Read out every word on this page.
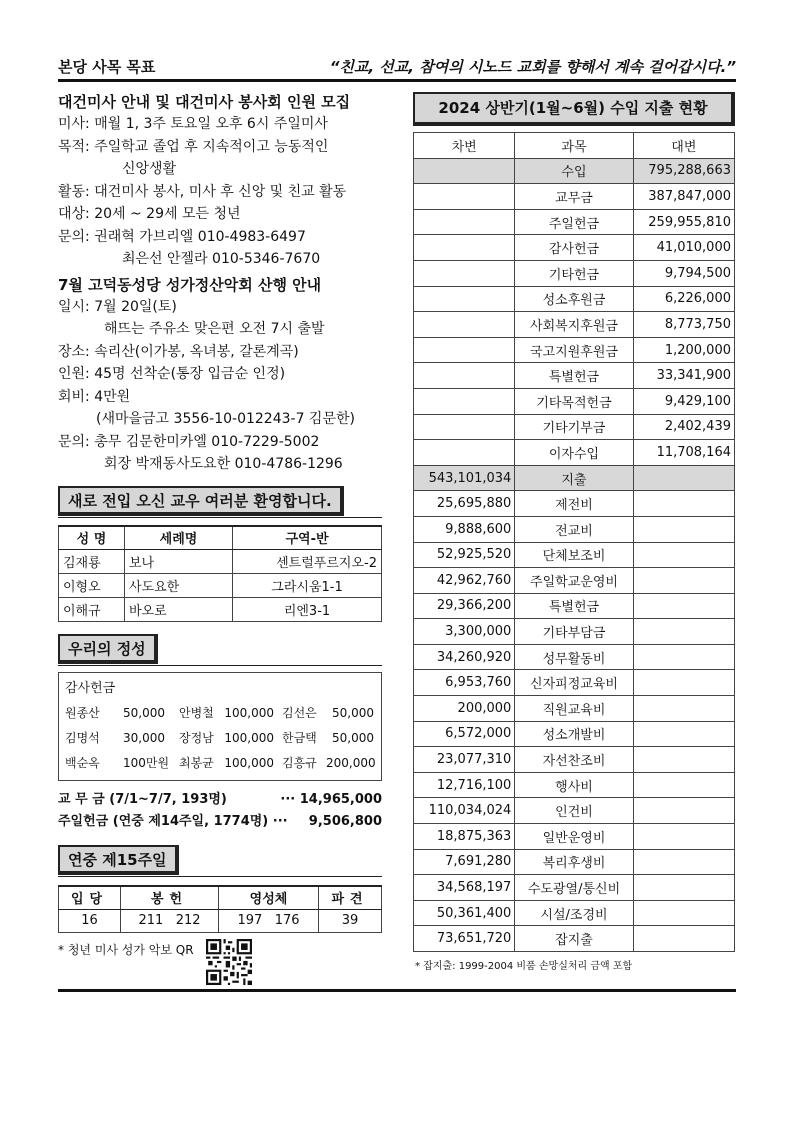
본당 사목 목표	“친교, 선교, 참여의 시노드 교회를 향해서 계속 걸어갑시다.”
대건미사 안내 및 대건미사 봉사회 인원 모집
미사: 매월 1, 3주 토요일 오후 6시 주일미사
목적: 주일학교 졸업 후 지속적이고 능동적인
신앙생활
활동: 대건미사 봉사, 미사 후 신앙 및 친교 활동
대상: 20세 ~ 29세 모든 청년
문의: 권래혁 가브리엘 010-4983-6497
최은선 안젤라 010-5346-7670
7월 고덕동성당 성가정산악회 산행 안내
일시: 7월 20일(토)
해뜨는 주유소 맞은편 오전 7시 출발
장소: 속리산(이가봉, 옥녀봉, 갈론계곡)
인원: 45명 선착순(통장 입금순 인정)
회비: 4만원
(새마을금고 3556-10-012243-7 김문한)
문의: 총무 김문한미카엘 010-7229-5002
회장 박재동사도요한 010-4786-1296
새로 전입 오신 교우 여러분 환영합니다.
성 명	세례명	구역-반
김재룡	보나	센트럴푸르지오-2
이형오	사도요한	그라시움1-1
이해규	바오로	리엔3-1
우리의 정성
감사헌금
원종산	50,000	안병철 100,000 김선은	50,000
김명석	30,000	장정남 100,000 한금택	50,000
백순옥	100만원 최봉균 100,000 김흥규 200,000
교 무 금 (7/1~7/7, 193명)	··· 14,965,000
주일헌금 (연중 제14주일, 1774명) ··· 9,506,800
연중 제15주일
입당	봉헌	영성체	파견
16	211   212	197   176	39
* 청년 미사 성가 악보 QR
2024 상반기(1월~6월) 수입 지출 현황
차변	과목	대변
	수입	795,288,663
	교무금	387,847,000
	주일헌금	259,955,810
	감사헌금	41,010,000
	기타헌금	9,794,500
	성소후원금	6,226,000
	사회복지후원금	8,773,750
	국고지원후원금	1,200,000
	특별헌금	33,341,900
	기타목적헌금	9,429,100
	기타기부금	2,402,439
	이자수입	11,708,164
543,101,034	지출	
25,695,880	제전비	
9,888,600	전교비	
52,925,520	단체보조비	
42,962,760	주일학교운영비	
29,366,200	특별헌금	
3,300,000	기타부담금	
34,260,920	성무활동비	
6,953,760	신자피정교육비	
200,000	직원교육비	
6,572,000	성소개발비	
23,077,310	자선찬조비	
12,716,100	행사비	
110,034,024	인건비	
18,875,363	일반운영비	
7,691,280	복리후생비	
34,568,197	수도광열/통신비	
50,361,400	시설/조경비	
73,651,720	잡지출	
* 잡지출: 1999-2004 비품 손망실처리 금액 포함
